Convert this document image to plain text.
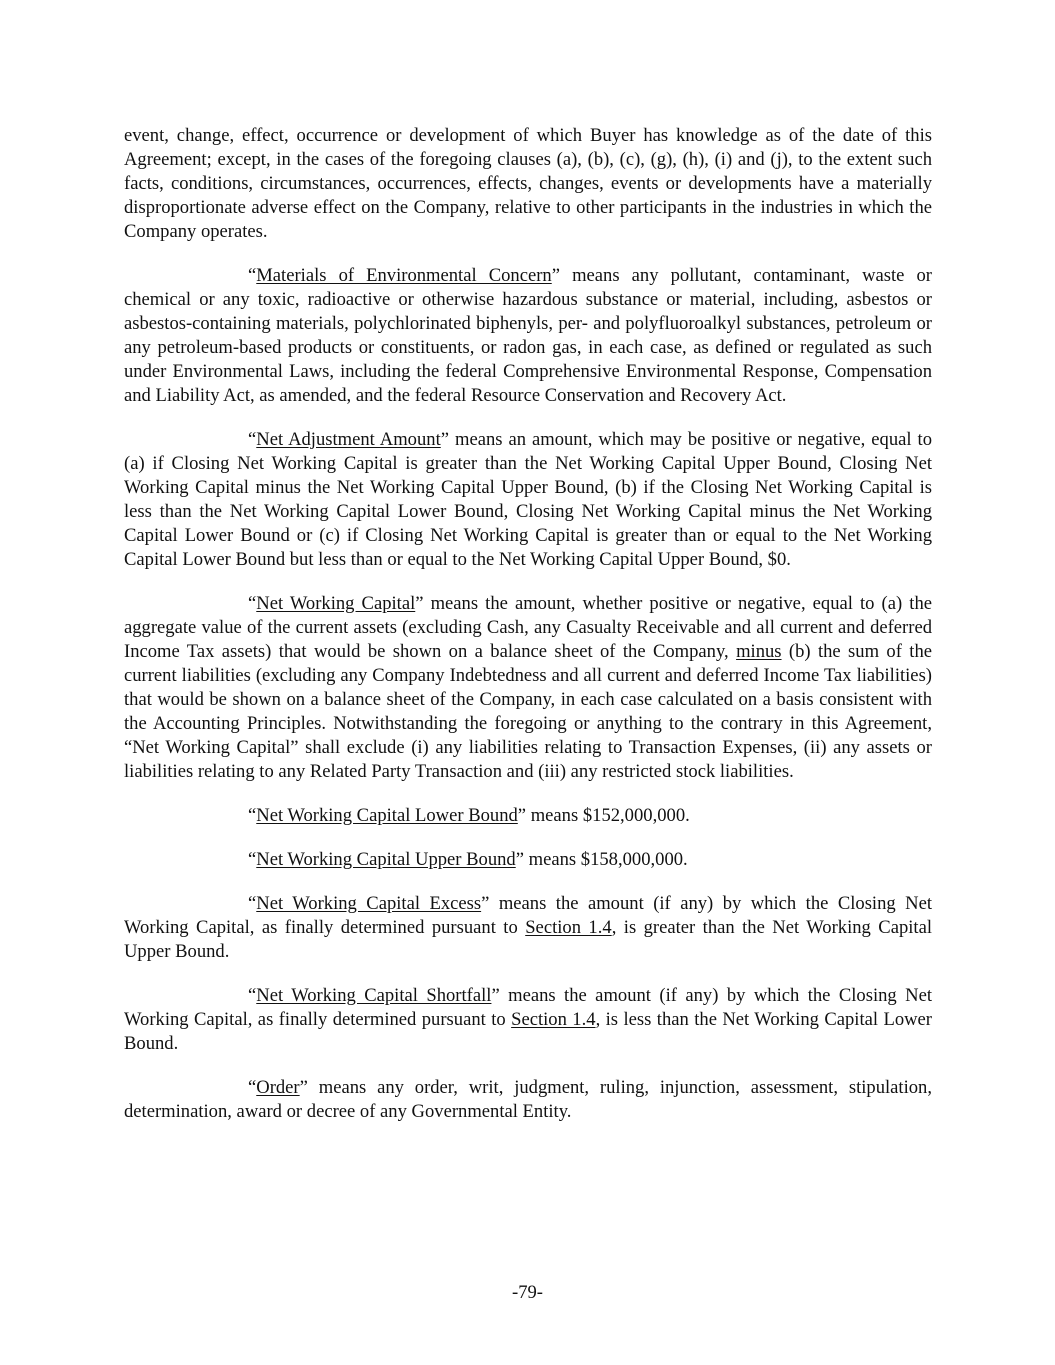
event, change, effect, occurrence or development of which Buyer has knowledge as of the date of this Agreement; except, in the cases of the foregoing clauses (a), (b), (c), (g), (h), (i) and (j), to the extent such facts, conditions, circumstances, occurrences, effects, changes, events or developments have a materially disproportionate adverse effect on the Company, relative to other participants in the industries in which the Company operates.

“Materials of Environmental Concern” means any pollutant, contaminant, waste or chemical or any toxic, radioactive or otherwise hazardous substance or material, including, asbestos or asbestos-containing materials, polychlorinated biphenyls, per- and polyfluoroalkyl substances, petroleum or any petroleum-based products or constituents, or radon gas, in each case, as defined or regulated as such under Environmental Laws, including the federal Comprehensive Environmental Response, Compensation and Liability Act, as amended, and the federal Resource Conservation and Recovery Act.

“Net Adjustment Amount” means an amount, which may be positive or negative, equal to (a) if Closing Net Working Capital is greater than the Net Working Capital Upper Bound, Closing Net Working Capital minus the Net Working Capital Upper Bound, (b) if the Closing Net Working Capital is less than the Net Working Capital Lower Bound, Closing Net Working Capital minus the Net Working Capital Lower Bound or (c) if Closing Net Working Capital is greater than or equal to the Net Working Capital Lower Bound but less than or equal to the Net Working Capital Upper Bound, $0.

“Net Working Capital” means the amount, whether positive or negative, equal to (a) the aggregate value of the current assets (excluding Cash, any Casualty Receivable and all current and deferred Income Tax assets) that would be shown on a balance sheet of the Company, minus (b) the sum of the current liabilities (excluding any Company Indebtedness and all current and deferred Income Tax liabilities) that would be shown on a balance sheet of the Company, in each case calculated on a basis consistent with the Accounting Principles. Notwithstanding the foregoing or anything to the contrary in this Agreement, “Net Working Capital” shall exclude (i) any liabilities relating to Transaction Expenses, (ii) any assets or liabilities relating to any Related Party Transaction and (iii) any restricted stock liabilities.

“Net Working Capital Lower Bound” means $152,000,000.

“Net Working Capital Upper Bound” means $158,000,000.

“Net Working Capital Excess” means the amount (if any) by which the Closing Net Working Capital, as finally determined pursuant to Section 1.4, is greater than the Net Working Capital Upper Bound.

“Net Working Capital Shortfall” means the amount (if any) by which the Closing Net Working Capital, as finally determined pursuant to Section 1.4, is less than the Net Working Capital Lower Bound.

“Order” means any order, writ, judgment, ruling, injunction, assessment, stipulation, determination, award or decree of any Governmental Entity.

-79-
